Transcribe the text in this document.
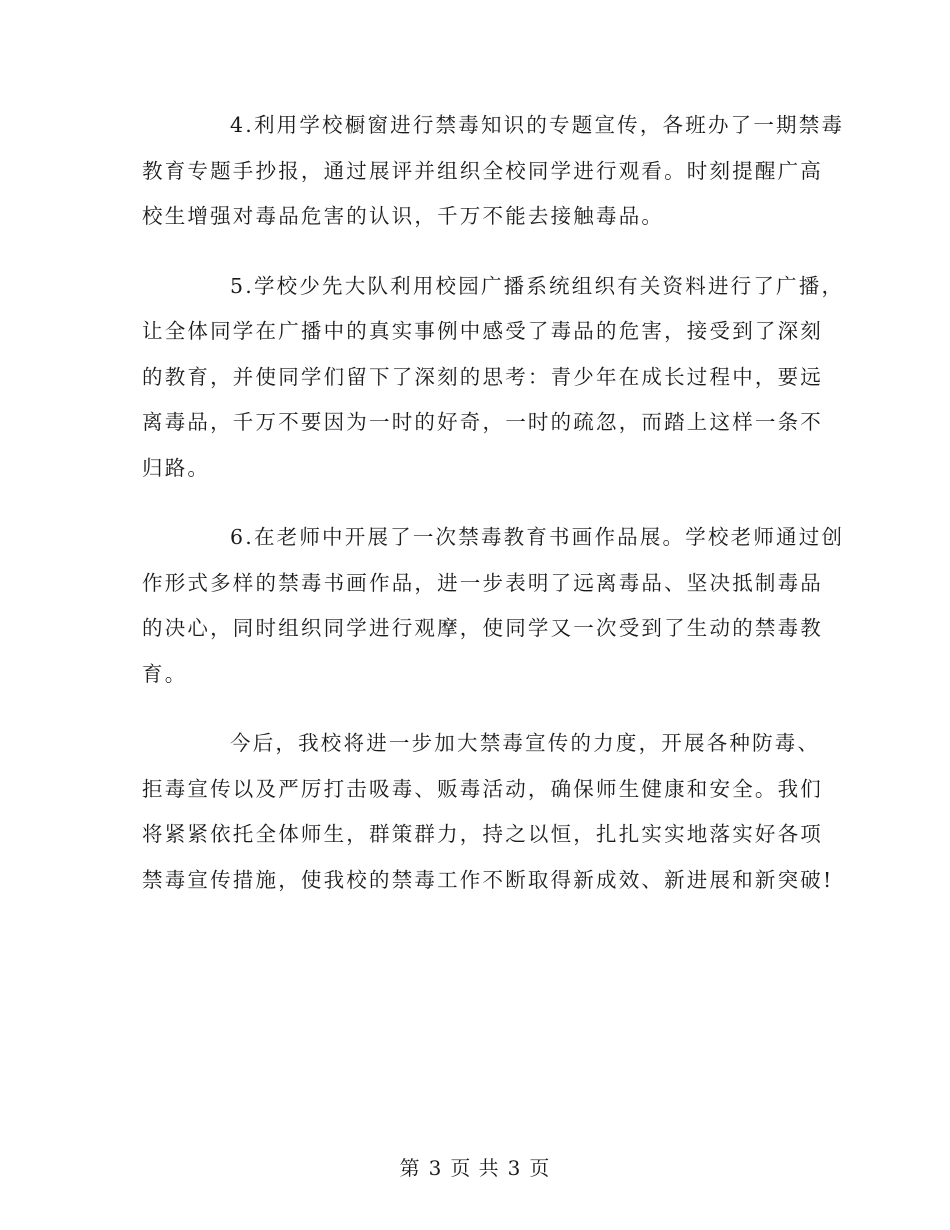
4.利用学校橱窗进行禁毒知识的专题宣传，各班办了一期禁毒
教育专题手抄报，通过展评并组织全校同学进行观看。时刻提醒广高
校生增强对毒品危害的认识，千万不能去接触毒品。

5.学校少先大队利用校园广播系统组织有关资料进行了广播，
让全体同学在广播中的真实事例中感受了毒品的危害，接受到了深刻
的教育，并使同学们留下了深刻的思考：青少年在成长过程中，要远
离毒品，千万不要因为一时的好奇，一时的疏忽，而踏上这样一条不
归路。

6.在老师中开展了一次禁毒教育书画作品展。学校老师通过创
作形式多样的禁毒书画作品，进一步表明了远离毒品、坚决抵制毒品
的决心，同时组织同学进行观摩，使同学又一次受到了生动的禁毒教
育。

今后，我校将进一步加大禁毒宣传的力度，开展各种防毒、
拒毒宣传以及严厉打击吸毒、贩毒活动，确保师生健康和安全。我们
将紧紧依托全体师生，群策群力，持之以恒，扎扎实实地落实好各项
禁毒宣传措施，使我校的禁毒工作不断取得新成效、新进展和新突破!

第 3 页 共 3 页
